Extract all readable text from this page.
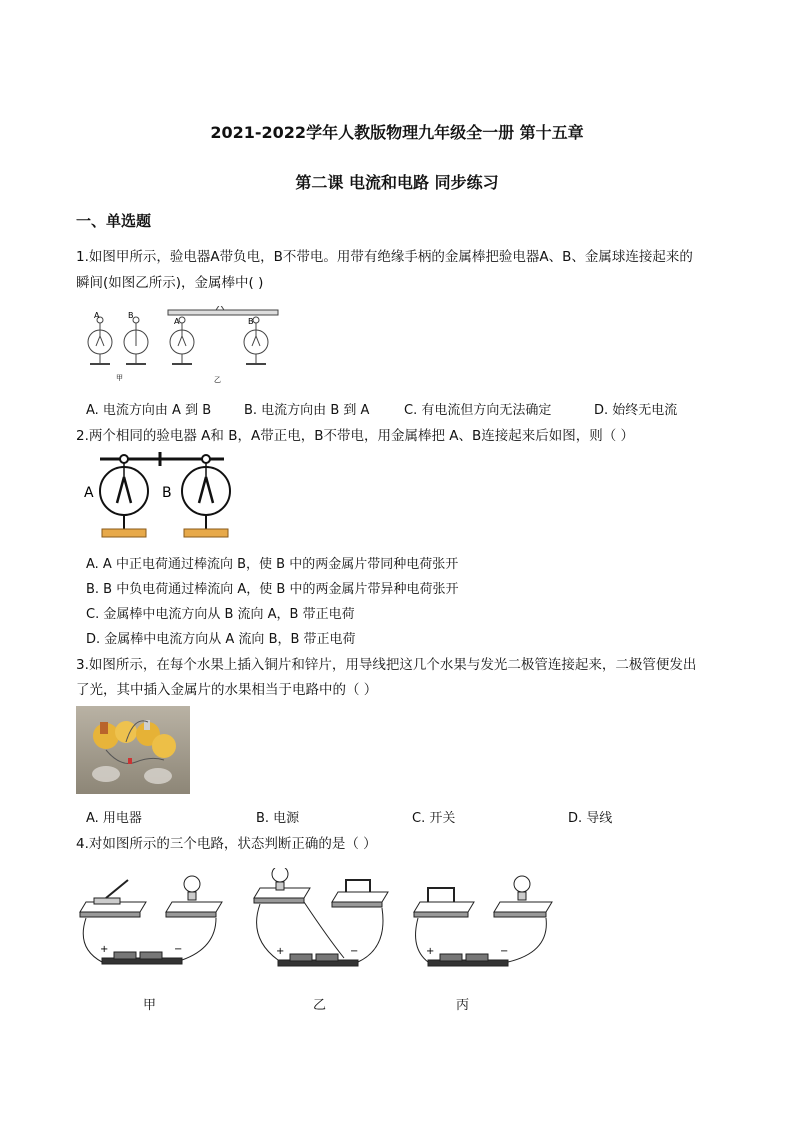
2021-2022学年人教版物理九年级全一册 第十五章
第二课 电流和电路 同步练习
一、单选题
1.如图甲所示，验电器A带负电，B不带电。用带有绝缘手柄的金属棒把验电器A、B、金属球连接起来的
瞬间(如图乙所示)，金属棒中( )
A	B
甲
A	B
乙
A. 电流方向由 A 到 B	B. 电流方向由 B 到 A	C. 有电流但方向无法确定	D. 始终无电流
2.两个相同的验电器 A和 B，A带正电，B不带电，用金属棒把 A、B连接起来后如图，则（ ）
A	B
A. A 中正电荷通过棒流向 B，使 B 中的两金属片带同种电荷张开
B. B 中负电荷通过棒流向 A，使 B 中的两金属片带异种电荷张开
C. 金属棒中电流方向从 B 流向 A，B 带正电荷
D. 金属棒中电流方向从 A 流向 B，B 带正电荷
3.如图所示，在每个水果上插入铜片和锌片，用导线把这几个水果与发光二极管连接起来，二极管便发出
了光，其中插入金属片的水果相当于电路中的（ ）
A. 用电器	B. 电源	C. 开关	D. 导线
4.对如图所示的三个电路，状态判断正确的是（ ）
+	−	+	−	+	−
甲	乙	丙
